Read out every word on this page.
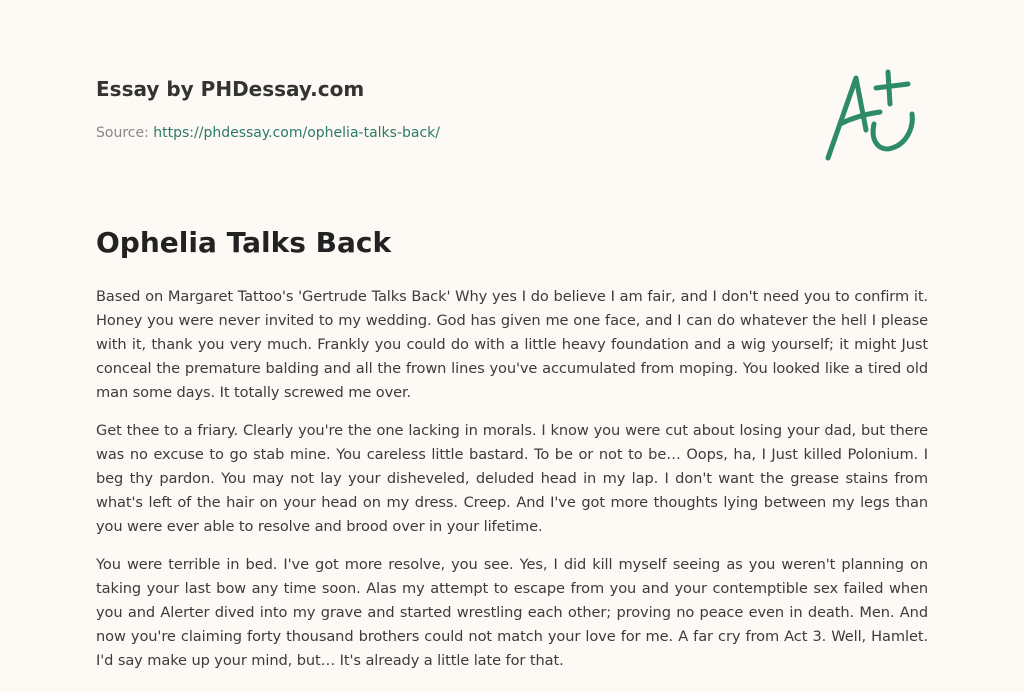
Essay by PHDessay.com
Source: https://phdessay.com/ophelia-talks-back/
Ophelia Talks Back

Based on Margaret Tattoo's 'Gertrude Talks Back' Why yes I do believe I am fair, and I don't need you to confirm it. Honey you were never invited to my wedding. God has given me one face, and I can do whatever the hell I please with it, thank you very much. Frankly you could do with a little heavy foundation and a wig yourself; it might Just conceal the premature balding and all the frown lines you've accumulated from moping. You looked like a tired old man some days. It totally screwed me over.

Get thee to a friary. Clearly you're the one lacking in morals. I know you were cut about losing your dad, but there was no excuse to go stab mine. You careless little bastard. To be or not to be… Oops, ha, I Just killed Polonium. I beg thy pardon. You may not lay your disheveled, deluded head in my lap. I don't want the grease stains from what's left of the hair on your head on my dress. Creep. And I've got more thoughts lying between my legs than you were ever able to resolve and brood over in your lifetime.

You were terrible in bed. I've got more resolve, you see. Yes, I did kill myself seeing as you weren't planning on taking your last bow any time soon. Alas my attempt to escape from you and your contemptible sex failed when you and Alerter dived into my grave and started wrestling each other; proving no peace even in death. Men. And now you're claiming forty thousand brothers could not match your love for me. A far cry from Act 3. Well, Hamlet. I'd say make up your mind, but… It's already a little late for that.
